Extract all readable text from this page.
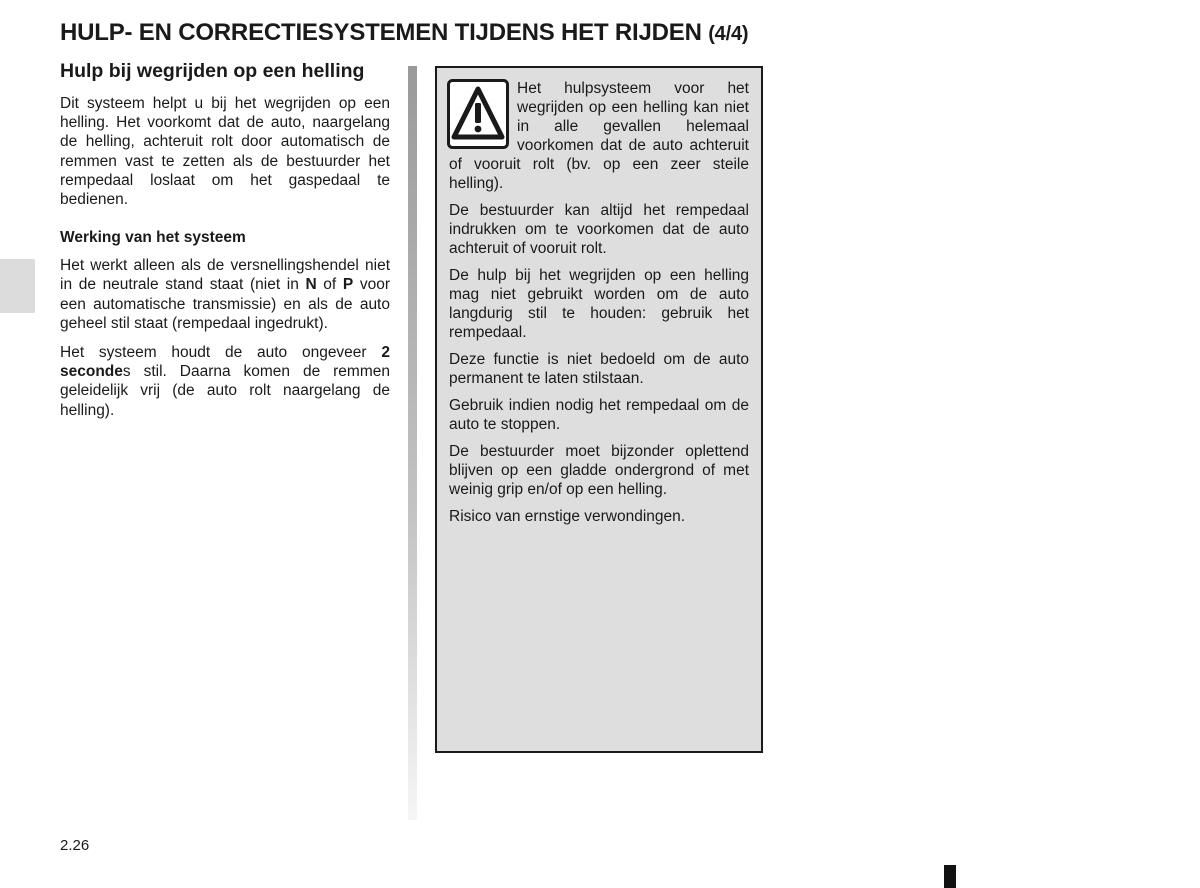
HULP- EN CORRECTIESYSTEMEN TIJDENS HET RIJDEN (4/4)
Hulp bij wegrijden op een helling

Dit systeem helpt u bij het wegrijden op een helling. Het voorkomt dat de auto, naargelang de helling, achteruit rolt door automatisch de remmen vast te zetten als de bestuurder het rempedaal loslaat om het gaspedaal te bedienen.

Werking van het systeem

Het werkt alleen als de versnellingshendel niet in de neutrale stand staat (niet in N of P voor een automatische transmissie) en als de auto geheel stil staat (rempedaal ingedrukt).

Het systeem houdt de auto ongeveer 2 secondes stil. Daarna komen de remmen geleidelijk vrij (de auto rolt naargelang de helling).

Het hulpsysteem voor het wegrijden op een helling kan niet in alle gevallen helemaal voorkomen dat de auto achteruit of vooruit rolt (bv. op een zeer steile helling).

De bestuurder kan altijd het rempedaal indrukken om te voorkomen dat de auto achteruit of vooruit rolt.

De hulp bij het wegrijden op een helling mag niet gebruikt worden om de auto langdurig stil te houden: gebruik het rempedaal.

Deze functie is niet bedoeld om de auto permanent te laten stilstaan.

Gebruik indien nodig het rempedaal om de auto te stoppen.

De bestuurder moet bijzonder oplettend blijven op een gladde ondergrond of met weinig grip en/of op een helling.

Risico van ernstige verwondingen.

2.26
